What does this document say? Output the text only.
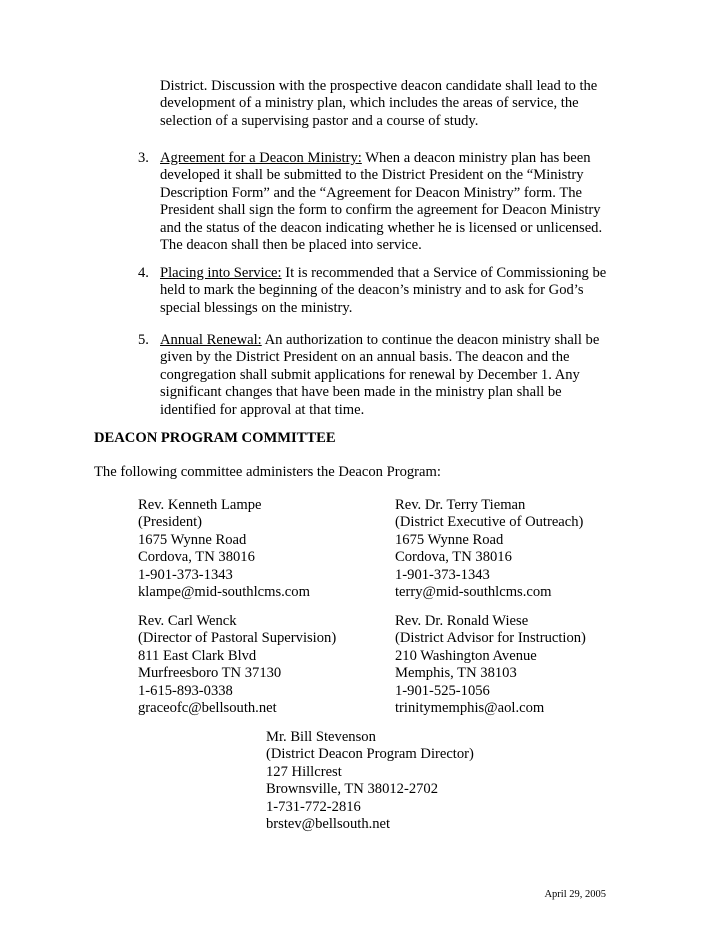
District. Discussion with the prospective deacon candidate shall lead to the development of a ministry plan, which includes the areas of service, the selection of a supervising pastor and a course of study.
3. Agreement for a Deacon Ministry: When a deacon ministry plan has been developed it shall be submitted to the District President on the “Ministry Description Form” and the “Agreement for Deacon Ministry” form. The President shall sign the form to confirm the agreement for Deacon Ministry and the status of the deacon indicating whether he is licensed or unlicensed. The deacon shall then be placed into service.
4. Placing into Service: It is recommended that a Service of Commissioning be held to mark the beginning of the deacon’s ministry and to ask for God’s special blessings on the ministry.
5. Annual Renewal: An authorization to continue the deacon ministry shall be given by the District President on an annual basis. The deacon and the congregation shall submit applications for renewal by December 1. Any significant changes that have been made in the ministry plan shall be identified for approval at that time.
DEACON PROGRAM COMMITTEE
The following committee administers the Deacon Program:
Rev. Kenneth Lampe
(President)
1675 Wynne Road
Cordova, TN 38016
1-901-373-1343
klampe@mid-southlcms.com
Rev. Dr. Terry Tieman
(District Executive of Outreach)
1675 Wynne Road
Cordova, TN 38016
1-901-373-1343
terry@mid-southlcms.com
Rev. Carl Wenck
(Director of Pastoral Supervision)
811 East Clark Blvd
Murfreesboro TN 37130
1-615-893-0338
graceofc@bellsouth.net
Rev. Dr. Ronald Wiese
(District Advisor for Instruction)
210 Washington Avenue
Memphis, TN 38103
1-901-525-1056
trinitymemphis@aol.com
Mr. Bill Stevenson
(District Deacon Program Director)
127 Hillcrest
Brownsville, TN 38012-2702
1-731-772-2816
brstev@bellsouth.net
April 29, 2005
